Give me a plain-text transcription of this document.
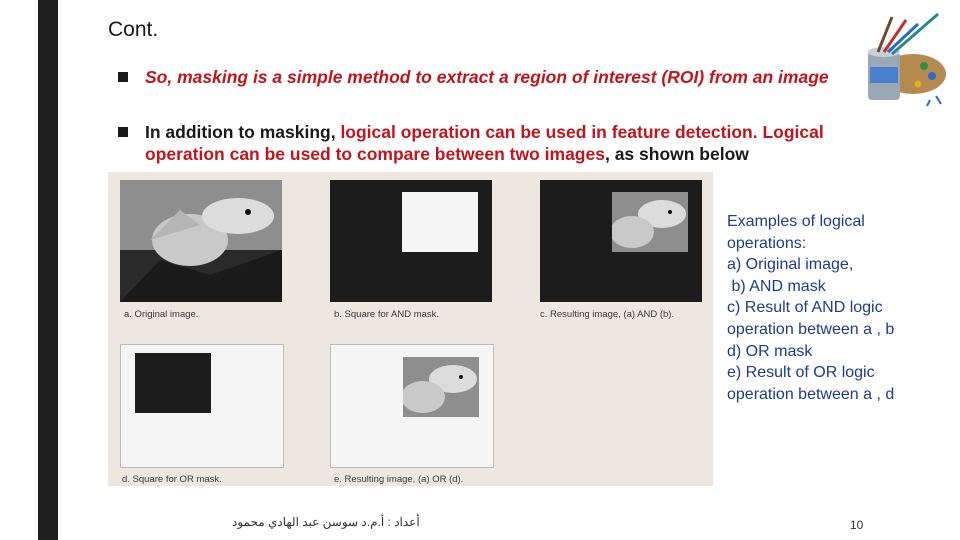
Cont.
So, masking is a simple method to extract a region of interest (ROI) from an image
In addition to masking, logical operation can be used in feature detection. Logical operation can be used to compare between two images, as shown below
a. Original image.	b. Square for AND mask.	c. Resulting image, (a) AND (b).
d. Square for OR mask.	e. Resulting image, (a) OR (d).
Examples of logical
operations:
a) Original image,
b) AND mask
c) Result of AND logic
operation between a , b
d) OR mask
e) Result of OR logic
operation between a , d
أعداد : أ.م.د سوسن عبد الهادي محمود	10
